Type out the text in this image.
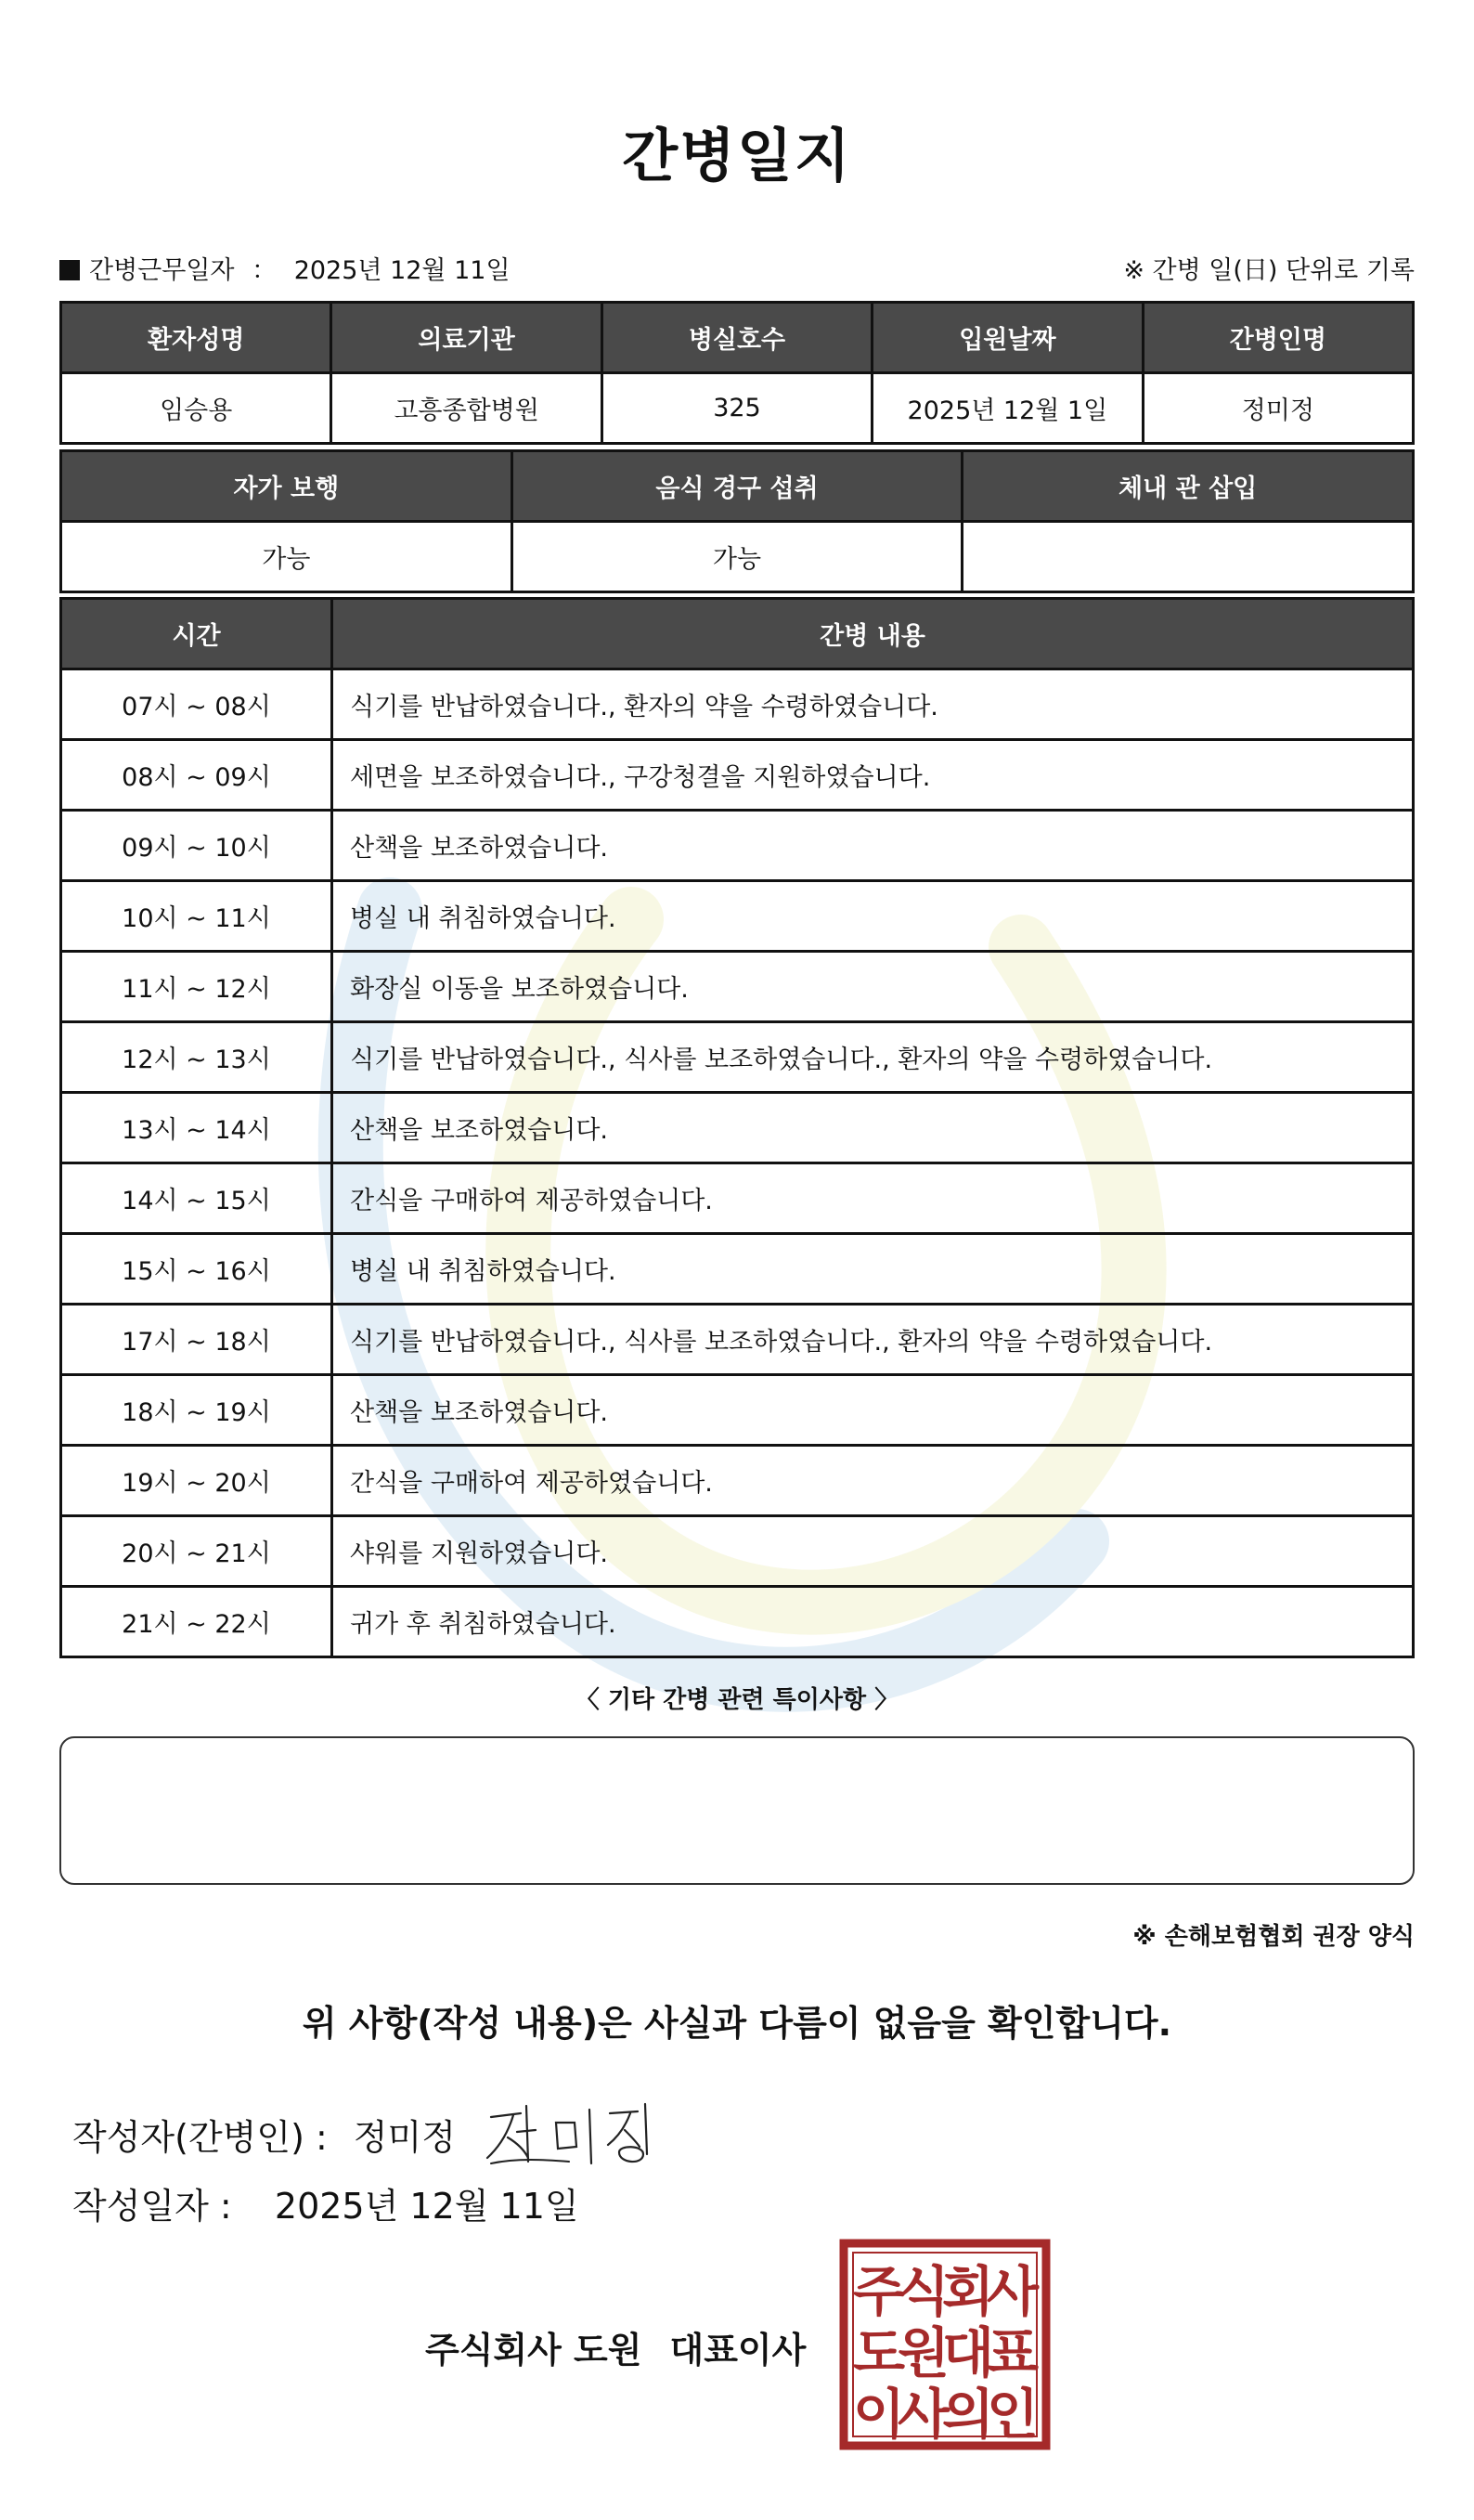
간병일지
간병근무일자 ： 2025년 12월 11일	※ 간병 일(日) 단위로 기록
환자성명	의료기관	병실호수	입원날짜	간병인명
임승용	고흥종합병원	325	2025년 12월 1일	정미정
자가 보행	음식 경구 섭취	체내 관 삽입
가능	가능	
시간	간병 내용
07시 ~ 08시	식기를 반납하였습니다., 환자의 약을 수령하였습니다.
08시 ~ 09시	세면을 보조하였습니다., 구강청결을 지원하였습니다.
09시 ~ 10시	산책을 보조하였습니다.
10시 ~ 11시	병실 내 취침하였습니다.
11시 ~ 12시	화장실 이동을 보조하였습니다.
12시 ~ 13시	식기를 반납하였습니다., 식사를 보조하였습니다., 환자의 약을 수령하였습니다.
13시 ~ 14시	산책을 보조하였습니다.
14시 ~ 15시	간식을 구매하여 제공하였습니다.
15시 ~ 16시	병실 내 취침하였습니다.
17시 ~ 18시	식기를 반납하였습니다., 식사를 보조하였습니다., 환자의 약을 수령하였습니다.
18시 ~ 19시	산책을 보조하였습니다.
19시 ~ 20시	간식을 구매하여 제공하였습니다.
20시 ~ 21시	샤워를 지원하였습니다.
21시 ~ 22시	귀가 후 취침하였습니다.
〈 기타 간병 관련 특이사항 〉
※ 손해보험협회 권장 양식
위 사항(작성 내용)은 사실과 다름이 없음을 확인합니다.
작성자(간병인) : 정미정
작성일자 : 2025년 12월 11일
주식회사 도원 대표이사
주
식
회
사
도
원
대
표
이
사
의
인
